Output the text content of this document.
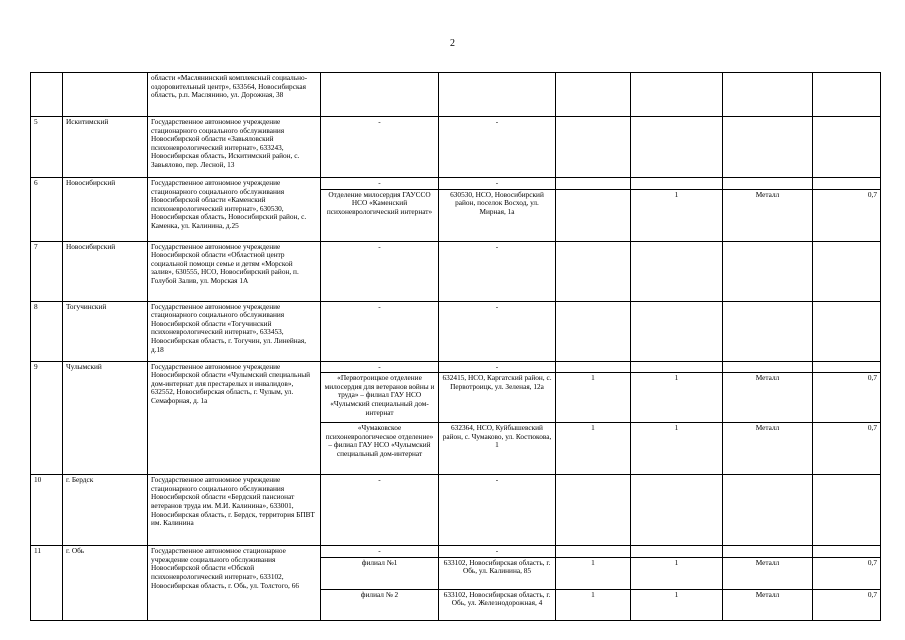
2
		области «Маслянинский комплексный социально-оздоровительный центр», 633564, Новосибирская область, р.п. Маслянино, ул. Дорожная, 38						
5	Искитимский	Государственное автономное учреждение стационарного социального обслуживания Новосибирской области «Завьяловский психоневрологический интернат», 633243, Новосибирская область, Искитимский район, с. Завьялово, пер. Лесной, 13	-	-				
6	Новосибирский	Государственное автономное учреждение стационарного социального обслуживания Новосибирской области «Каменский психоневрологический интернат», 630530, Новосибирская область, Новосибирский район, с. Каменка, ул. Калинина, д.25	-	-				
			Отделение милосердия ГАУССО НСО «Каменский психоневрологический интернат»	630530, НСО, Новосибирский район, поселок Восход, ул. Мирная, 1а		1	Металл	0,7
7	Новосибирский	Государственное автономное учреждение Новосибирской области «Областной центр социальной помощи семье и детям «Морской залив», 630555, НСО, Новосибирский район, п. Голубой Залив, ул. Морская 1А	-	-				
8	Тогучинский	Государственное автономное учреждение стационарного социального обслуживания Новосибирской области «Тогучинский психоневрологический интернат», 633453, Новосибирская область, г. Тогучин, ул. Линейная, д.18	-	-				
9	Чулымский	Государственное автономное учреждение Новосибирской области «Чулымский специальный дом-интернат для престарелых и инвалидов», 632552, Новосибирская область, г. Чулым, ул. Семафорная, д. 1а	-	-				
			«Первотроицкое отделение милосердия для ветеранов войны и труда» – филиал ГАУ НСО «Чулымский специальный дом-интернат	632415, НСО, Каргатский район, с. Первотроицк, ул. Зеленая, 12а	1	1	Металл	0,7
			«Чумаковское психоневрологическое отделение» – филиал ГАУ НСО «Чулымский специальный дом-интернат	632364, НСО, Куйбышевский район, с. Чумаково, ул. Костюкова, 1	1	1	Металл	0,7
10	г. Бердск	Государственное автономное учреждение стационарного социального обслуживания Новосибирской области «Бердский пансионат ветеранов труда им. М.И. Калинина», 633001, Новосибирская область, г. Бердск, территория БПВТ им. Калинина	-	-				
11	г. Обь	Государственное автономное стационарное учреждение социального обслуживания Новосибирской области «Обской психоневрологический интернат», 633102, Новосибирская область, г. Обь, ул. Толстого, 66	-	-				
			филиал №1	633102, Новосибирская область, г. Обь, ул. Калинина, 85	1	1	Металл	0,7
			филиал № 2	633102, Новосибирская область, г. Обь, ул. Железнодорожная, 4	1	1	Металл	0,7
